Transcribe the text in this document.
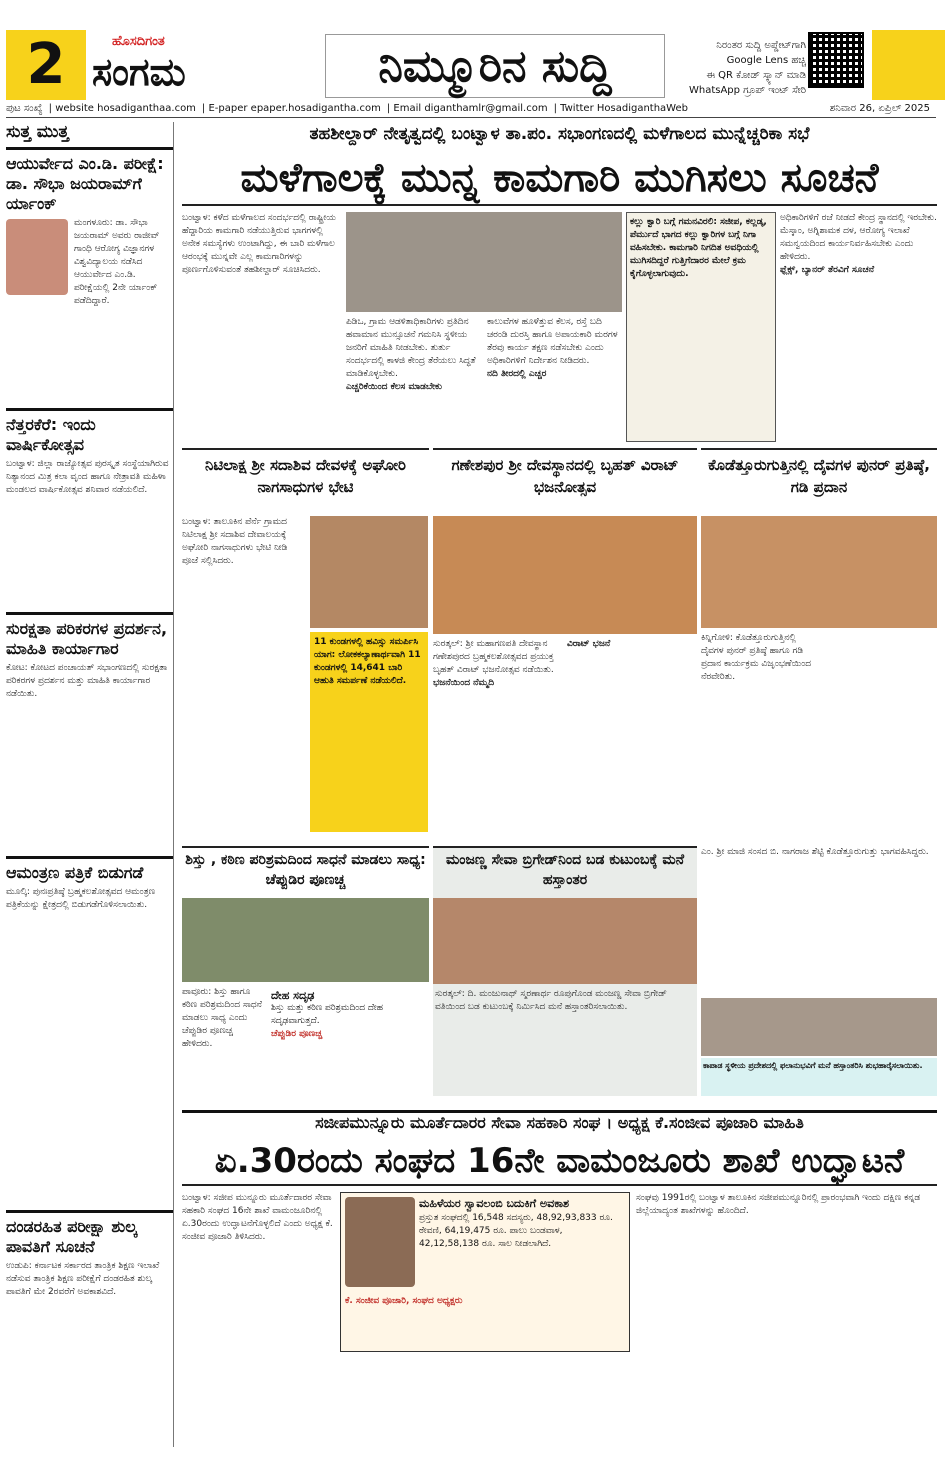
2	ಹೊಸದಿಗಂತ
ಸಂಗಮ	ನಿಮ್ಮೂರಿನ ಸುದ್ದಿ	ನಿರಂತರ ಸುದ್ದಿ ಅಪ್ಡೇಟ್‌ಗಾಗಿ
Google Lens ಹಚ್ಚಿ
ಈ QR ಕೋಡ್ ಸ್ಕ್ಯಾನ್ ಮಾಡಿ
WhatsApp ಗ್ರೂಪ್ ಇಂಟ್ ಸೇರಿ
ಪುಟ ಸಂಖ್ಯೆ | website hosadiganthaa.com | E-paper epaper.hosadigantha.com | Email diganthamlr@gmail.com | Twitter HosadiganthaWeb	ಶನಿವಾರ 26, ಏಪ್ರಿಲ್ 2025
ಸುತ್ತ ಮುತ್ತ
ಆಯುರ್ವೇದ ಎಂ.ಡಿ. ಪರೀಕ್ಷೆ: ಡಾ. ಸೌಭಾ ಜಯರಾಮ್‌ಗೆ ರ್ಯಾಂಕ್
ಮಂಗಳೂರು: ಡಾ. ಸೌಭಾ ಜಯರಾಮ್ ಅವರು ರಾಜೀವ್ ಗಾಂಧಿ ಆರೋಗ್ಯ ವಿಜ್ಞಾನಗಳ ವಿಶ್ವವಿದ್ಯಾಲಯ ನಡೆಸಿದ ಆಯುರ್ವೇದ ಎಂ.ಡಿ. ಪರೀಕ್ಷೆಯಲ್ಲಿ 2ನೇ ರ್ಯಾಂಕ್ ಪಡೆದಿದ್ದಾರೆ.
ನೆತ್ತರಕೆರೆ: ಇಂದು ವಾರ್ಷಿಕೋತ್ಸವ
ಬಂಟ್ವಾಳ: ಜಿಲ್ಲಾ ರಾಜ್ಯೋತ್ಸವ ಪುರಸ್ಕೃತ ಸಂಸ್ಥೆಯಾಗಿರುವ ನಿತ್ಯಾನಂದ ಮಿತ್ರ ಕಲಾ ವೃಂದ ಹಾಗೂ ನೇತ್ರಾವತಿ ಮಹಿಳಾ ಮಂಡಲದ ವಾರ್ಷಿಕೋತ್ಸವ ಶನಿವಾರ ನಡೆಯಲಿದೆ.
ಸುರಕ್ಷತಾ ಪರಿಕರಗಳ ಪ್ರದರ್ಶನ, ಮಾಹಿತಿ ಕಾರ್ಯಾಗಾರ
ಕೋಟ: ಕೋಟದ ಪಂಚಾಯತ್ ಸಭಾಂಗಣದಲ್ಲಿ ಸುರಕ್ಷತಾ ಪರಿಕರಗಳ ಪ್ರದರ್ಶನ ಮತ್ತು ಮಾಹಿತಿ ಕಾರ್ಯಾಗಾರ ನಡೆಯಿತು.
ಆಮಂತ್ರಣ ಪತ್ರಿಕೆ ಬಿಡುಗಡೆ
ಮೂಲ್ಕಿ: ಪುನಃಪ್ರತಿಷ್ಠೆ ಬ್ರಹ್ಮಕಲಶೋತ್ಸವದ ಆಮಂತ್ರಣ ಪತ್ರಿಕೆಯನ್ನು ಕ್ಷೇತ್ರದಲ್ಲಿ ಬಿಡುಗಡೆಗೊಳಿಸಲಾಯಿತು.
ದಂಡರಹಿತ ಪರೀಕ್ಷಾ ಶುಲ್ಕ ಪಾವತಿಗೆ ಸೂಚನೆ
ಉಡುಪಿ: ಕರ್ನಾಟಕ ಸರ್ಕಾರದ ತಾಂತ್ರಿಕ ಶಿಕ್ಷಣ ಇಲಾಖೆ ನಡೆಸುವ ತಾಂತ್ರಿಕ ಶಿಕ್ಷಣ ಪರೀಕ್ಷೆಗೆ ದಂಡರಹಿತ ಶುಲ್ಕ ಪಾವತಿಗೆ ಮೇ 2ರವರೆಗೆ ಅವಕಾಶವಿದೆ.
ತಹಶೀಲ್ದಾರ್ ನೇತೃತ್ವದಲ್ಲಿ ಬಂಟ್ವಾಳ ತಾ.ಪಂ. ಸಭಾಂಗಣದಲ್ಲಿ ಮಳೆಗಾಲದ ಮುನ್ನೆಚ್ಚರಿಕಾ ಸಭೆ
ಮಳೆಗಾಲಕ್ಕೆ ಮುನ್ನ ಕಾಮಗಾರಿ ಮುಗಿಸಲು ಸೂಚನೆ
ಬಂಟ್ವಾಳ: ಕಳೆದ ಮಳೆಗಾಲದ ಸಂದರ್ಭದಲ್ಲಿ ರಾಷ್ಟ್ರೀಯ ಹೆದ್ದಾರಿಯ ಕಾಮಗಾರಿ ನಡೆಯುತ್ತಿರುವ ಭಾಗಗಳಲ್ಲಿ ಅನೇಕ ಸಮಸ್ಯೆಗಳು ಉಂಟಾಗಿದ್ದು, ಈ ಬಾರಿ ಮಳೆಗಾಲ ಆರಂಭಕ್ಕೆ ಮುನ್ನವೇ ಎಲ್ಲ ಕಾಮಗಾರಿಗಳನ್ನು ಪೂರ್ಣಗೊಳಿಸುವಂತೆ ತಹಶೀಲ್ದಾರ್ ಸೂಚಿಸಿದರು.
ಪಿಡಿಒ, ಗ್ರಾಮ ಆಡಳಿತಾಧಿಕಾರಿಗಳು ಪ್ರತಿದಿನ ಹವಾಮಾನ ಮುನ್ಸೂಚನೆ ಗಮನಿಸಿ ಸ್ಥಳೀಯ ಜನರಿಗೆ ಮಾಹಿತಿ ನೀಡಬೇಕು. ತುರ್ತು ಸಂದರ್ಭದಲ್ಲಿ ಕಾಳಜಿ ಕೇಂದ್ರ ತೆರೆಯಲು ಸಿದ್ಧತೆ ಮಾಡಿಕೊಳ್ಳಬೇಕು.
ಎಚ್ಚರಿಕೆಯಿಂದ ಕೆಲಸ ಮಾಡಬೇಕು
ಕಾಲುವೆಗಳ ಹೂಳೆತ್ತುವ ಕೆಲಸ, ರಸ್ತೆ ಬದಿ ಚರಂಡಿ ದುರಸ್ತಿ ಹಾಗೂ ಅಪಾಯಕಾರಿ ಮರಗಳ ತೆರವು ಕಾರ್ಯ ತಕ್ಷಣ ನಡೆಸಬೇಕು ಎಂದು ಅಧಿಕಾರಿಗಳಿಗೆ ನಿರ್ದೇಶನ ನೀಡಿದರು.
ನದಿ ತೀರದಲ್ಲಿ ಎಚ್ಚರ
ಕಲ್ಲು ಕ್ವಾರಿ ಬಗ್ಗೆ ಗಮನವಿರಲಿ: ಸಜೀಪ, ಕಲ್ಲಡ್ಕ, ಪೆರ್ಮುದೆ ಭಾಗದ ಕಲ್ಲು ಕ್ವಾರಿಗಳ ಬಗ್ಗೆ ನಿಗಾ ವಹಿಸಬೇಕು. ಕಾಮಗಾರಿ ನಿಗದಿತ ಅವಧಿಯಲ್ಲಿ ಮುಗಿಸದಿದ್ದರೆ ಗುತ್ತಿಗೆದಾರರ ಮೇಲೆ ಕ್ರಮ ಕೈಗೊಳ್ಳಲಾಗುವುದು.
ಅಧಿಕಾರಿಗಳಿಗೆ ರಜೆ ನೀಡದೆ ಕೇಂದ್ರ ಸ್ಥಾನದಲ್ಲಿ ಇರಬೇಕು. ಮೆಸ್ಕಾಂ, ಅಗ್ನಿಶಾಮಕ ದಳ, ಆರೋಗ್ಯ ಇಲಾಖೆ ಸಮನ್ವಯದಿಂದ ಕಾರ್ಯನಿರ್ವಹಿಸಬೇಕು ಎಂದು ಹೇಳಿದರು.
ಫ್ಲೆಕ್ಸ್, ಬ್ಯಾನರ್ ತೆರವಿಗೆ ಸೂಚನೆ
ನಿಟಿಲಾಕ್ಷ ಶ್ರೀ ಸದಾಶಿವ ದೇವಳಕ್ಕೆ ಅಘೋರಿ ನಾಗಸಾಧುಗಳ ಭೇಟಿ
ಬಂಟ್ವಾಳ: ತಾಲೂಕಿನ ಪೆರ್ನೆ ಗ್ರಾಮದ ನಿಟಿಲಾಕ್ಷ ಶ್ರೀ ಸದಾಶಿವ ದೇವಾಲಯಕ್ಕೆ ಅಘೋರಿ ನಾಗಸಾಧುಗಳು ಭೇಟಿ ನೀಡಿ ಪೂಜೆ ಸಲ್ಲಿಸಿದರು.
11 ಕುಂಡಗಳಲ್ಲಿ ಹವಿಸ್ಸು ಸಮರ್ಪಿಸಿ ಯಾಗ: ಲೋಕಕಲ್ಯಾಣಾರ್ಥವಾಗಿ 11 ಕುಂಡಗಳಲ್ಲಿ 14,641 ಬಾರಿ ಆಹುತಿ ಸಮರ್ಪಣೆ ನಡೆಯಲಿದೆ.
ಗಣೇಶಪುರ ಶ್ರೀ ದೇವಸ್ಥಾನದಲ್ಲಿ ಬೃಹತ್ ವಿರಾಟ್ ಭಜನೋತ್ಸವ
ಸುರತ್ಕಲ್: ಶ್ರೀ ಮಹಾಗಣಪತಿ ದೇವಸ್ಥಾನ ಗಣೇಶಪುರದ ಬ್ರಹ್ಮಕಲಶೋತ್ಸವದ ಪ್ರಯುಕ್ತ ಬೃಹತ್ ವಿರಾಟ್ ಭಜನೋತ್ಸವ ನಡೆಯಿತು.
ಭಜನೆಯಿಂದ ನೆಮ್ಮದಿ
ವಿರಾಟ್ ಭಜನೆ
ಕೊಡೆತ್ತೂರುಗುತ್ತಿನಲ್ಲಿ ದೈವಗಳ ಪುನರ್ ಪ್ರತಿಷ್ಠೆ, ಗಡಿ ಪ್ರದಾನ
ಕಿನ್ನಿಗೋಳಿ: ಕೊಡೆತ್ತೂರುಗುತ್ತಿನಲ್ಲಿ ದೈವಗಳ ಪುನರ್ ಪ್ರತಿಷ್ಠೆ ಹಾಗೂ ಗಡಿ ಪ್ರದಾನ ಕಾರ್ಯಕ್ರಮ ವಿಜೃಂಭಣೆಯಿಂದ ನೆರವೇರಿತು.
ಶಿಸ್ತು , ಕಠಿಣ ಪರಿಶ್ರಮದಿಂದ ಸಾಧನೆ ಮಾಡಲು ಸಾಧ್ಯ: ಚೆಪ್ಪುಡಿರ ಪೂಣಚ್ಚ
ಪಾವೂರು: ಶಿಸ್ತು ಹಾಗೂ ಕಠಿಣ ಪರಿಶ್ರಮದಿಂದ ಸಾಧನೆ ಮಾಡಲು ಸಾಧ್ಯ ಎಂದು ಚೆಪ್ಪುಡಿರ ಪೂಣಚ್ಚ ಹೇಳಿದರು.
ದೇಹ ಸದೃಢ
ಶಿಸ್ತು ಮತ್ತು ಕಠಿಣ ಪರಿಶ್ರಮದಿಂದ ದೇಹ ಸದೃಢವಾಗುತ್ತದೆ.
ಚೆಪ್ಪುಡಿರ ಪೂಣಚ್ಚ
ಮಂಜಣ್ಣ ಸೇವಾ ಬ್ರಿಗೇಡ್‌ನಿಂದ ಬಡ ಕುಟುಂಬಕ್ಕೆ ಮನೆ ಹಸ್ತಾಂತರ
ಸುರತ್ಕಲ್: ದಿ. ಮಂಜುನಾಥ್ ಸ್ಮರಣಾರ್ಥ ರೂಪುಗೊಂಡ ಮಂಜಣ್ಣ ಸೇವಾ ಬ್ರಿಗೇಡ್ ವತಿಯಿಂದ ಬಡ ಕುಟುಂಬಕ್ಕೆ ನಿರ್ಮಿಸಿದ ಮನೆ ಹಸ್ತಾಂತರಿಸಲಾಯಿತು.
ಎಂ. ಶ್ರೀ ಮಾಜಿ ಸಂಸದ ಬಿ. ನಾಗರಾಜ ಶೆಟ್ಟಿ ಕೊಡೆತ್ತೂರುಗುತ್ತು ಭಾಗವಹಿಸಿದ್ದರು.
ಕಾಪಾಡ ಸ್ಥಳೀಯ ಪ್ರದೇಶದಲ್ಲಿ ಫಲಾನುಭವಿಗೆ ಮನೆ ಹಸ್ತಾಂತರಿಸಿ ಶುಭಹಾರೈಸಲಾಯಿತು.
ಸಜೀಪಮುನ್ನೂರು ಮೂರ್ತೆದಾರರ ಸೇವಾ ಸಹಕಾರಿ ಸಂಘ । ಅಧ್ಯಕ್ಷ ಕೆ.ಸಂಜೀವ ಪೂಜಾರಿ ಮಾಹಿತಿ
ಏ.30ರಂದು ಸಂಘದ 16ನೇ ವಾಮಂಜೂರು ಶಾಖೆ ಉದ್ಘಾಟನೆ
ಬಂಟ್ವಾಳ: ಸಜೀಪ ಮುನ್ನೂರು ಮೂರ್ತೆದಾರರ ಸೇವಾ ಸಹಕಾರಿ ಸಂಘದ 16ನೇ ಶಾಖೆ ವಾಮಂಜೂರಿನಲ್ಲಿ ಏ.30ರಂದು ಉದ್ಘಾಟನೆಗೊಳ್ಳಲಿದೆ ಎಂದು ಅಧ್ಯಕ್ಷ ಕೆ. ಸಂಜೀವ ಪೂಜಾರಿ ತಿಳಿಸಿದರು.
ಮಹಿಳೆಯರ ಸ್ವಾವಲಂಬಿ ಬದುಕಿಗೆ ಅವಕಾಶ
ಪ್ರಸ್ತುತ ಸಂಘದಲ್ಲಿ 16,548 ಸದಸ್ಯರು, 48,92,93,833 ರೂ. ಠೇವಣಿ, 64,19,475 ರೂ. ಪಾಲು ಬಂಡವಾಳ, 42,12,58,138 ರೂ. ಸಾಲ ನೀಡಲಾಗಿದೆ.
ಕೆ. ಸಂಜೀವ ಪೂಜಾರಿ, ಸಂಘದ ಅಧ್ಯಕ್ಷರು
ಸಂಘವು 1991ರಲ್ಲಿ ಬಂಟ್ವಾಳ ತಾಲೂಕಿನ ಸಜೀಪಮುನ್ನೂರಿನಲ್ಲಿ ಪ್ರಾರಂಭವಾಗಿ ಇಂದು ದಕ್ಷಿಣ ಕನ್ನಡ ಜಿಲ್ಲೆಯಾದ್ಯಂತ ಶಾಖೆಗಳನ್ನು ಹೊಂದಿದೆ.
